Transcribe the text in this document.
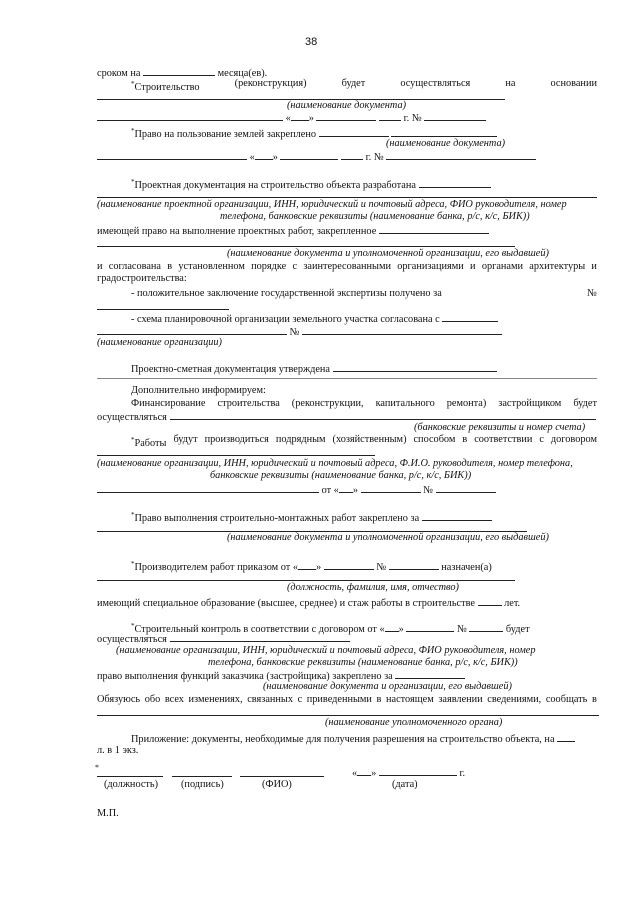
38
сроком на	месяца(ев).
*Строительство	(реконструкция)	будет	осуществляться	на	основании
(наименование документа)
« »	г. №
*Право на пользование землей закреплено
(наименование документа)
« »	г. №
*Проектная документация на строительство объекта разработана
(наименование проектной организации, ИНН, юридический и почтовый адреса, ФИО руководителя, номер
телефона, банковские реквизиты (наименование банка, р/с, к/с, БИК))
имеющей право на выполнение проектных работ, закрепленное
(наименование документа и уполномоченной организации, его выдавшей)
и согласована в установленном порядке с заинтересованными организациями и органами архитектуры и
градостроительства:
- положительное заключение государственной экспертизы получено за	№
- схема планировочной организации земельного участка согласована с
№
(наименование организации)
Проектно-сметная документация утверждена
Дополнительно информируем:
Финансирование строительства (реконструкции, капитального ремонта) застройщиком будет
осуществляться
(банковские реквизиты и номер счета)
*Работы будут производиться подрядным (хозяйственным) способом в соответствии с договором
(наименование организации, ИНН, юридический и почтовый адреса, Ф.И.О. руководителя, номер телефона,
банковские реквизиты (наименование банка, р/с, к/с, БИК))
от « »	№
*Право выполнения строительно-монтажных работ закреплено за
(наименование документа и уполномоченной организации, его выдавшей)
*Производителем работ приказом от « »	№	назначен(а)
(должность, фамилия, имя, отчество)
имеющий специальное образование (высшее, среднее) и стаж работы в строительстве	лет.
*Строительный контроль в соответствии с договором от « »	№	будет
осуществляться
(наименование организации, ИНН, юридический и почтовый адреса, ФИО руководителя, номер
телефона, банковские реквизиты (наименование банка, р/с, к/с, БИК))
право выполнения функций заказчика (застройщика) закреплено за
(наименование документа и организации, его выдавшей)
Обязуюсь обо всех изменениях, связанных с приведенными в настоящем заявлении сведениями, сообщать в
(наименование уполномоченного органа)
Приложение: документы, необходимые для получения разрешения на строительство объекта, на
л. в 1 экз.
*
« »	г.
(должность) (подпись)	(ФИО)	(дата)
М.П.
